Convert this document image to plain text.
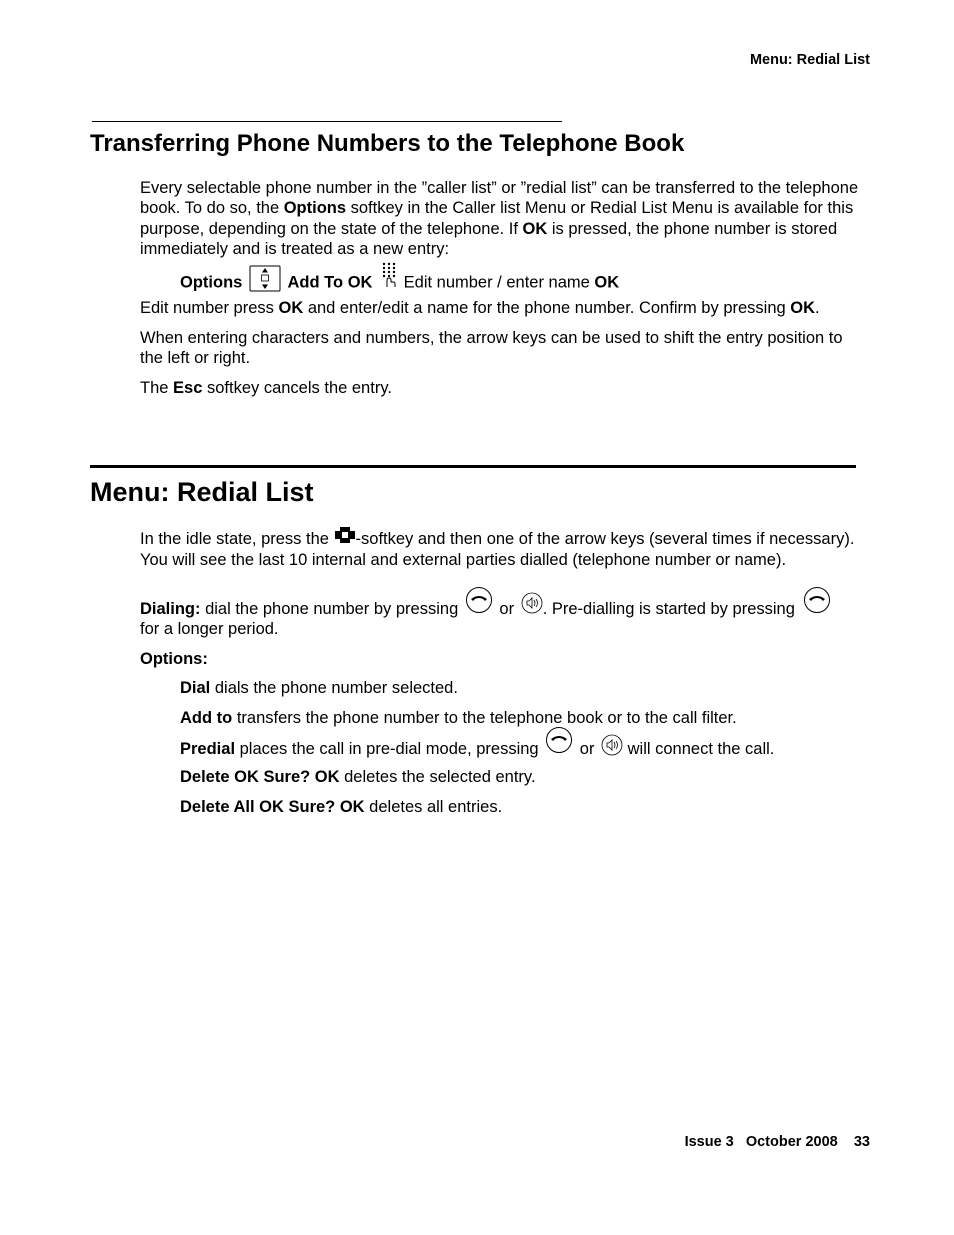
Menu: Redial List
Transferring Phone Numbers to the Telephone Book

Every selectable phone number in the ”caller list” or ”redial list” can be transferred to the telephone book. To do so, the Options softkey in the Caller list Menu or Redial List Menu is available for this purpose, depending on the state of the telephone. If OK is pressed, the phone number is stored immediately and is treated as a new entry:

Options	Add To OK  Edit number / enter name OK

Edit number press OK and enter/edit a name for the phone number. Confirm by pressing OK.

When entering characters and numbers, the arrow keys can be used to shift the entry position to the left or right.

The Esc softkey cancels the entry.

Menu: Redial List

In the idle state, press the -softkey and then one of the arrow keys (several times if necessary). You will see the last 10 internal and external parties dialled (telephone number or name).

Dialing: dial the phone number by pressing  or . Pre-dialling is started by pressing
for a longer period.

Options:

Dial dials the phone number selected.

Add to transfers the phone number to the telephone book or to the call filter.

Predial places the call in pre-dial mode, pressing  or  will connect the call.

Delete OK Sure? OK deletes the selected entry.

Delete All OK Sure? OK deletes all entries.

Issue 3 October 2008 33
